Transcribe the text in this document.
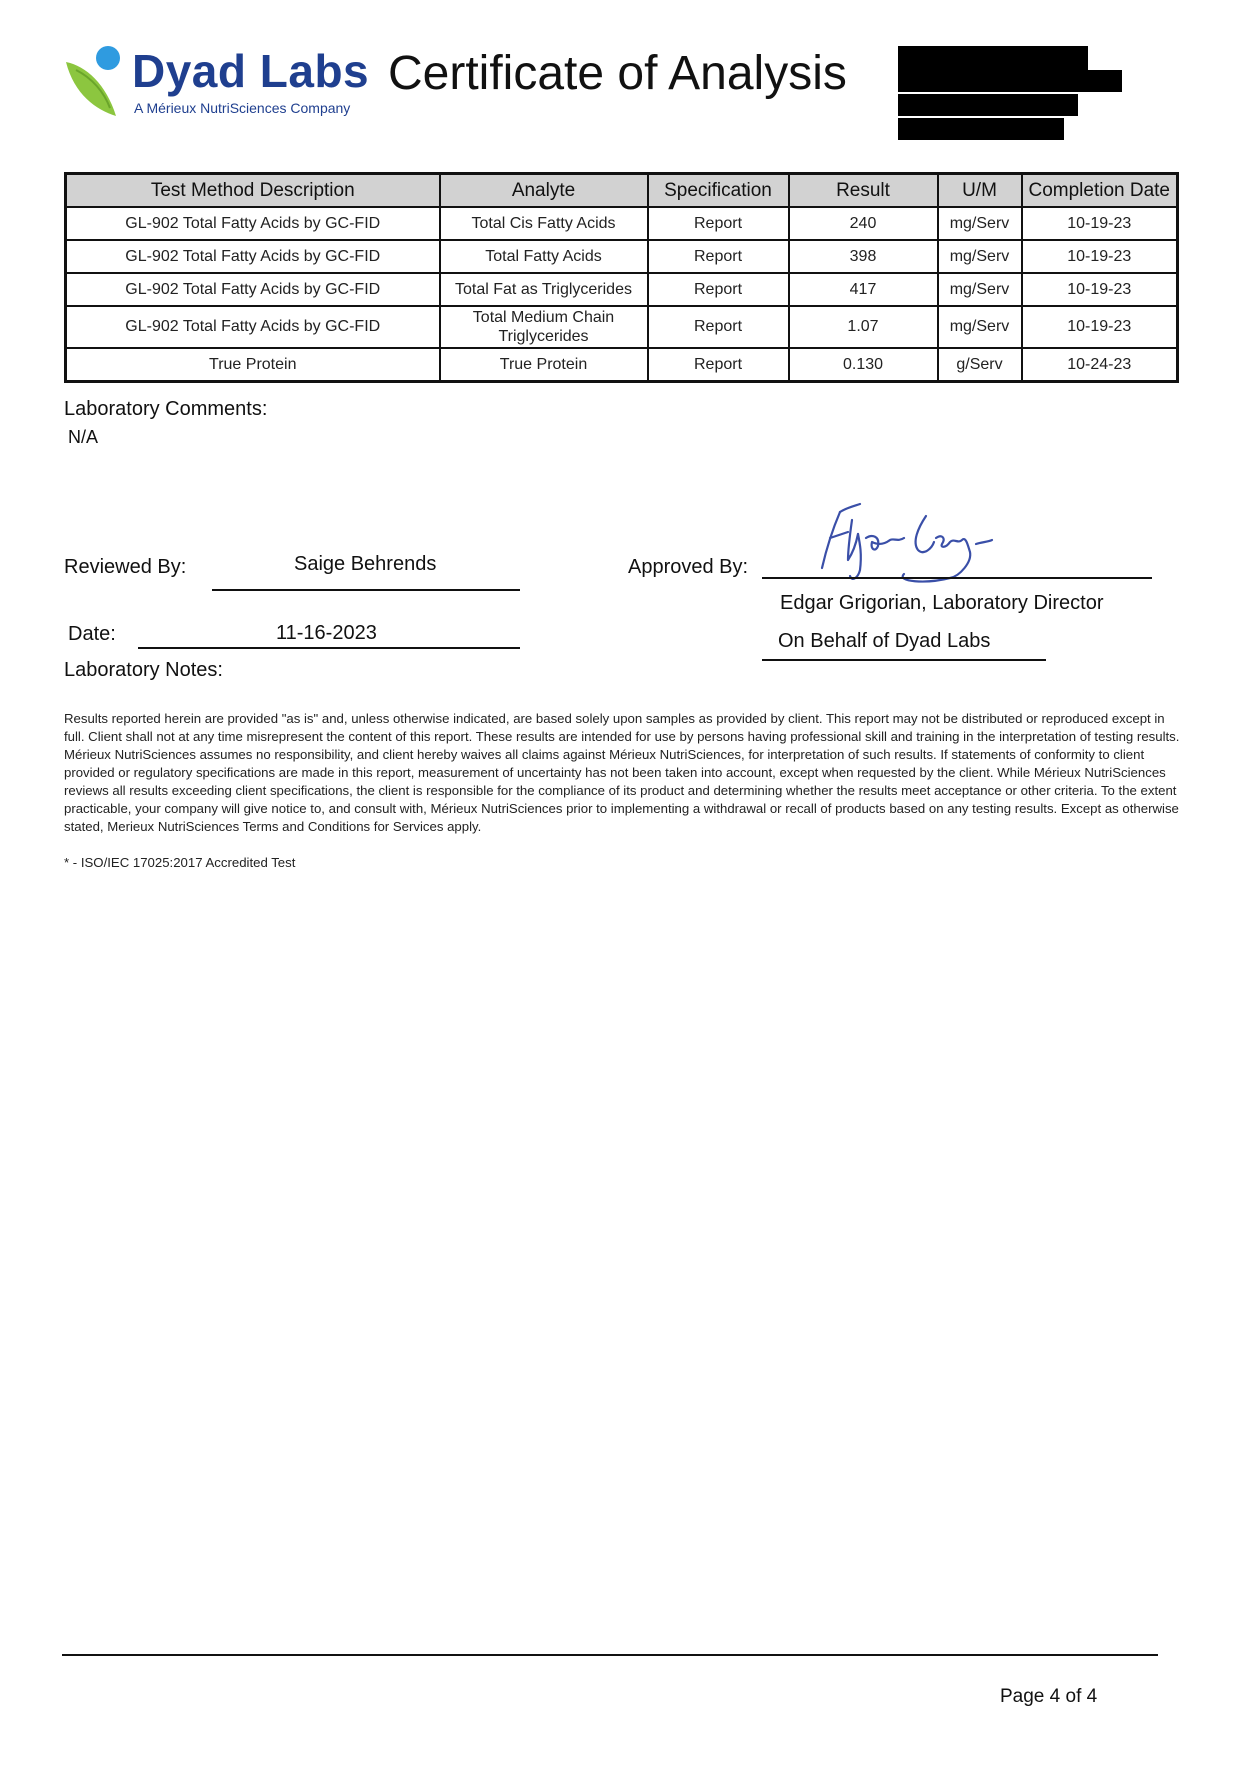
Dyad Labs
A Mérieux NutriSciences Company
Certificate of Analysis
Test Method Description	Analyte	Specification	Result	U/M	Completion Date
GL-902 Total Fatty Acids by GC-FID	Total Cis Fatty Acids	Report	240	mg/Serv	10-19-23
GL-902 Total Fatty Acids by GC-FID	Total Fatty Acids	Report	398	mg/Serv	10-19-23
GL-902 Total Fatty Acids by GC-FID	Total Fat as Triglycerides	Report	417	mg/Serv	10-19-23
GL-902 Total Fatty Acids by GC-FID	Total Medium Chain Triglycerides	Report	1.07	mg/Serv	10-19-23
True Protein	True Protein	Report	0.130	g/Serv	10-24-23
Laboratory Comments:
N/A
Reviewed By:	Saige Behrends
Date:	11-16-2023
Approved By:
Edgar Grigorian, Laboratory Director
On Behalf of Dyad Labs
Laboratory Notes:
Results reported herein are provided "as is" and, unless otherwise indicated, are based solely upon samples as provided by client. This report may not be distributed or reproduced except in full. Client shall not at any time misrepresent the content of this report. These results are intended for use by persons having professional skill and training in the interpretation of testing results. Mérieux NutriSciences assumes no responsibility, and client hereby waives all claims against Mérieux NutriSciences, for interpretation of such results. If statements of conformity to client provided or regulatory specifications are made in this report, measurement of uncertainty has not been taken into account, except when requested by the client. While Mérieux NutriSciences reviews all results exceeding client specifications, the client is responsible for the compliance of its product and determining whether the results meet acceptance or other criteria. To the extent practicable, your company will give notice to, and consult with, Mérieux NutriSciences prior to implementing a withdrawal or recall of products based on any testing results. Except as otherwise stated, Merieux NutriSciences Terms and Conditions for Services apply.
* - ISO/IEC 17025:2017 Accredited Test
Page 4 of 4
